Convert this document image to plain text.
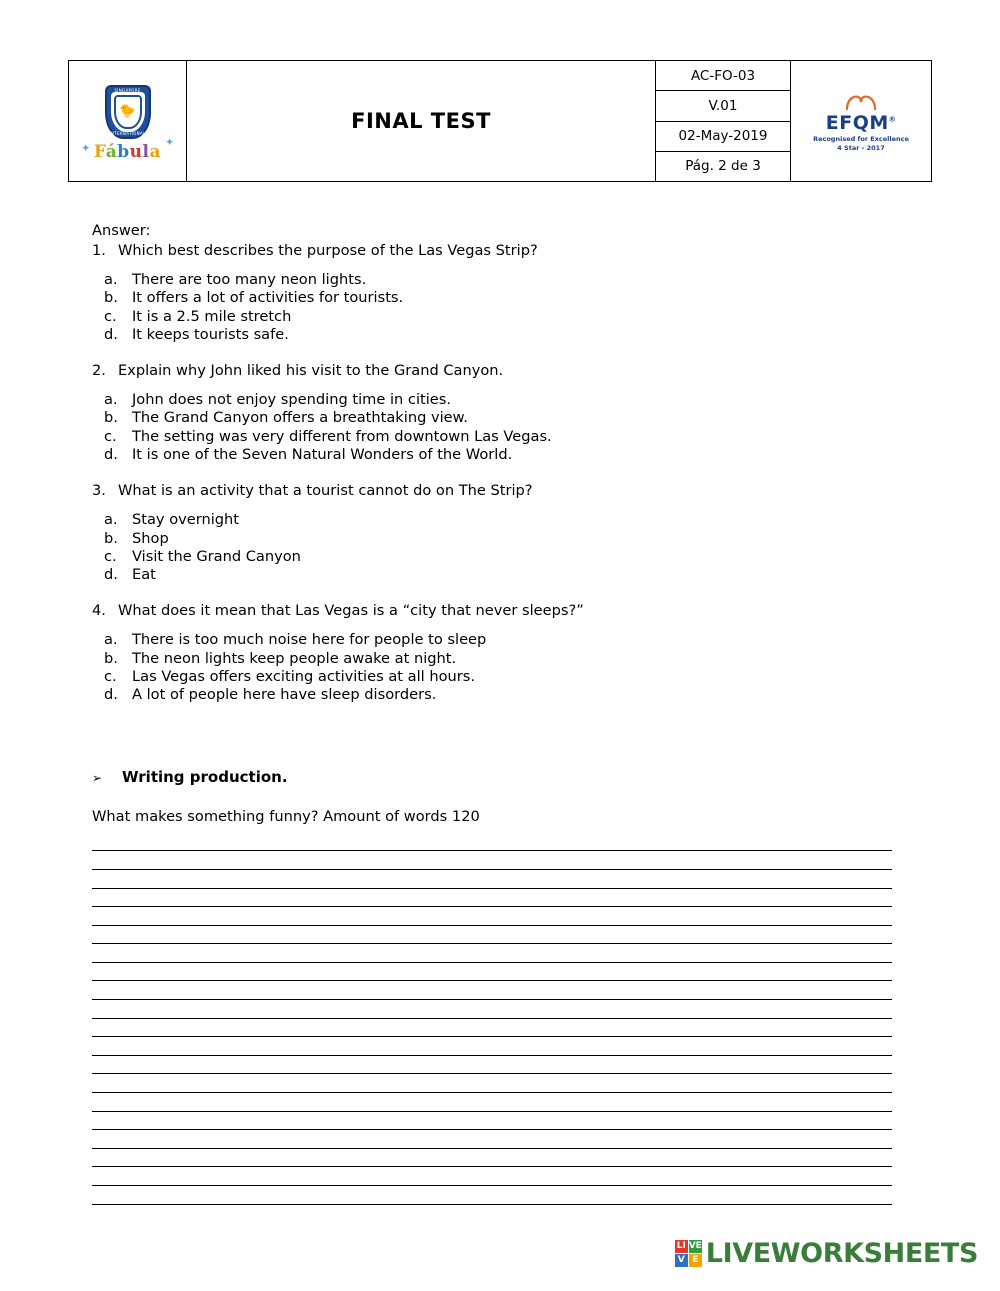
🐤
SINGAPORE
INTERNATIONAL
✦ Fábula ✦
FINAL TEST
AC-FO-03
V.01
02-May-2019
Pág. 2 de 3
EFQM®
Recognised for Excellence
4 Star - 2017
Answer:
1. Which best describes the purpose of the Las Vegas Strip?
a. There are too many neon lights.
b. It offers a lot of activities for tourists.
c.	It is a 2.5 mile stretch
d. It keeps tourists safe.
2. Explain why John liked his visit to the Grand Canyon.
a. John does not enjoy spending time in cities.
b. The Grand Canyon offers a breathtaking view.
c.	The setting was very different from downtown Las Vegas.
d. It is one of the Seven Natural Wonders of the World.
3. What is an activity that a tourist cannot do on The Strip?
a. Stay overnight
b. Shop
c.	Visit the Grand Canyon
d. Eat
4. What does it mean that Las Vegas is a “city that never sleeps?”
a. There is too much noise here for people to sleep
b. The neon lights keep people awake at night.
c.	Las Vegas offers exciting activities at all hours.
d. A lot of people here have sleep disorders.
➢	Writing production.
What makes something funny? Amount of words 120
LI VE
V E LIVEWORKSHEETS
